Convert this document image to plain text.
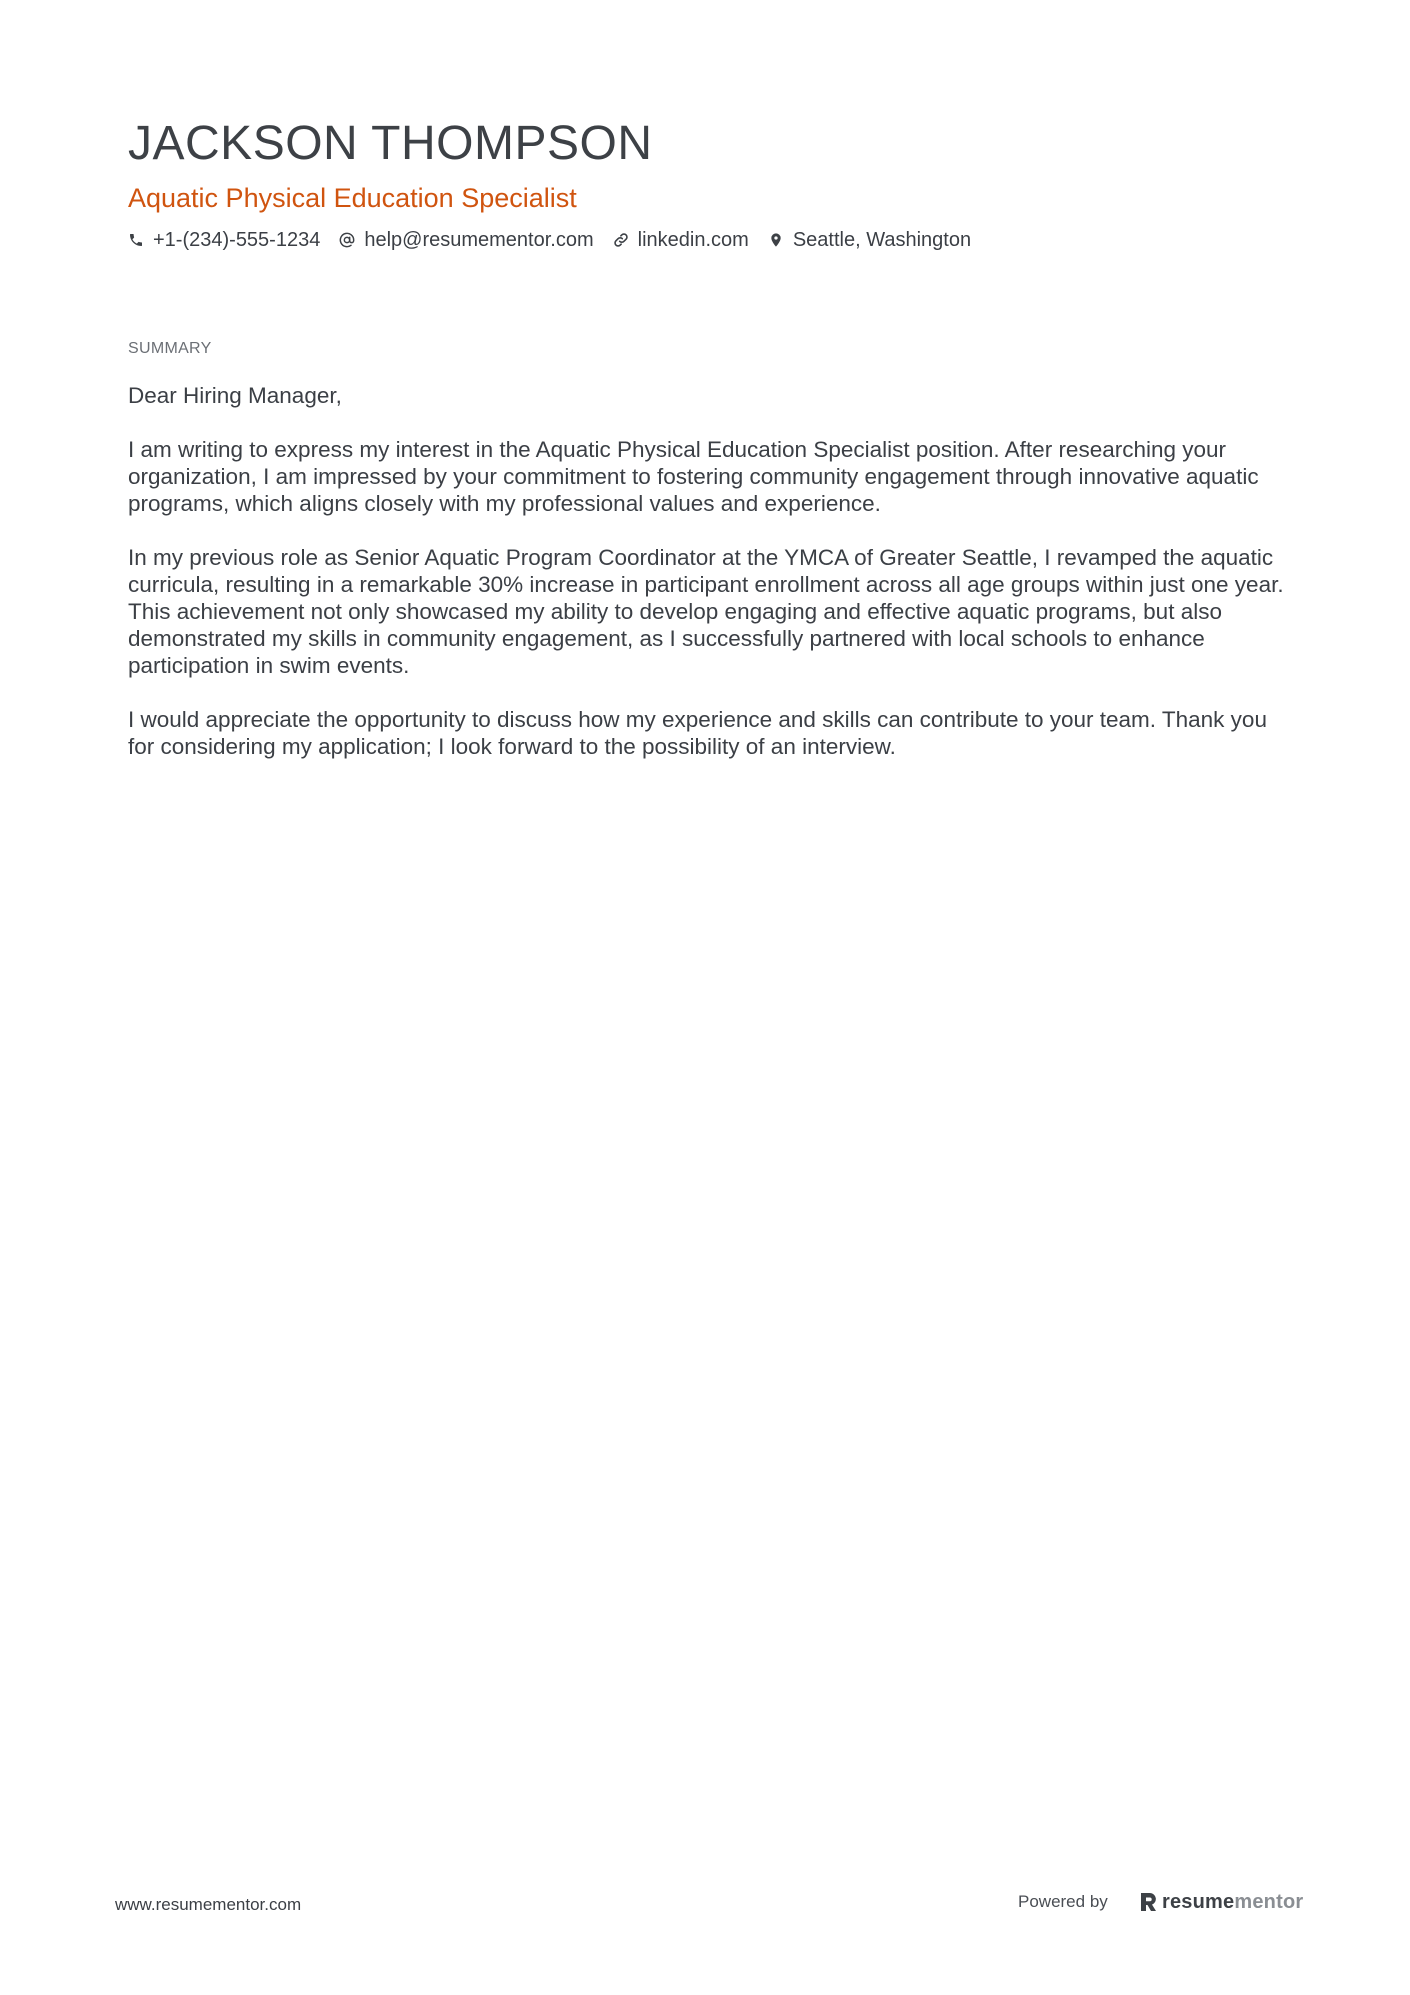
JACKSON THOMPSON
Aquatic Physical Education Specialist
+1-(234)-555-1234 help@resumementor.com linkedin.com Seattle, Washington
SUMMARY

Dear Hiring Manager,

I am writing to express my interest in the Aquatic Physical Education Specialist position. After researching your organization, I am impressed by your commitment to fostering community engagement through innovative aquatic programs, which aligns closely with my professional values and experience.

In my previous role as Senior Aquatic Program Coordinator at the YMCA of Greater Seattle, I revamped the aquatic curricula, resulting in a remarkable 30% increase in participant enrollment across all age groups within just one year. This achievement not only showcased my ability to develop engaging and effective aquatic programs, but also demonstrated my skills in community engagement, as I successfully partnered with local schools to enhance participation in swim events.

I would appreciate the opportunity to discuss how my experience and skills can contribute to your team. Thank you for considering my application; I look forward to the possibility of an interview.

www.resumementor.com	Powered by	resume mentor
